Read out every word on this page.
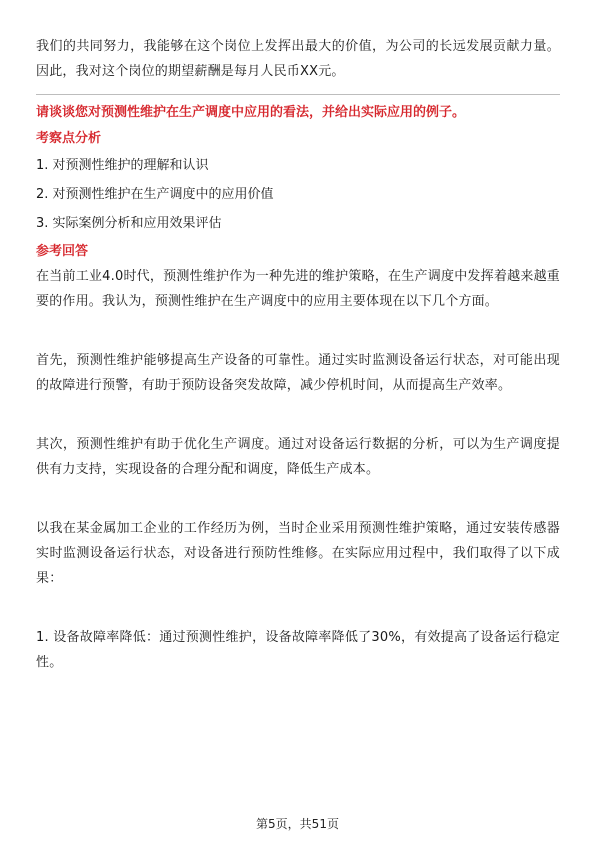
我们的共同努力，我能够在这个岗位上发挥出最大的价值，为公司的长远发展贡献力量。因此，我对这个岗位的期望薪酬是每月人民币XX元。

请谈谈您对预测性维护在生产调度中应用的看法，并给出实际应用的例子。
考察点分析
1. 对预测性维护的理解和认识
2. 对预测性维护在生产调度中的应用价值
3. 实际案例分析和应用效果评估
参考回答

在当前工业4.0时代，预测性维护作为一种先进的维护策略，在生产调度中发挥着越来越重要的作用。我认为，预测性维护在生产调度中的应用主要体现在以下几个方面。

首先，预测性维护能够提高生产设备的可靠性。通过实时监测设备运行状态，对可能出现的故障进行预警，有助于预防设备突发故障，减少停机时间，从而提高生产效率。

其次，预测性维护有助于优化生产调度。通过对设备运行数据的分析，可以为生产调度提供有力支持，实现设备的合理分配和调度，降低生产成本。

以我在某金属加工企业的工作经历为例，当时企业采用预测性维护策略，通过安装传感器实时监测设备运行状态，对设备进行预防性维修。在实际应用过程中，我们取得了以下成果：

1. 设备故障率降低：通过预测性维护，设备故障率降低了30%，有效提高了设备运行稳定性。

第5页，共51页
